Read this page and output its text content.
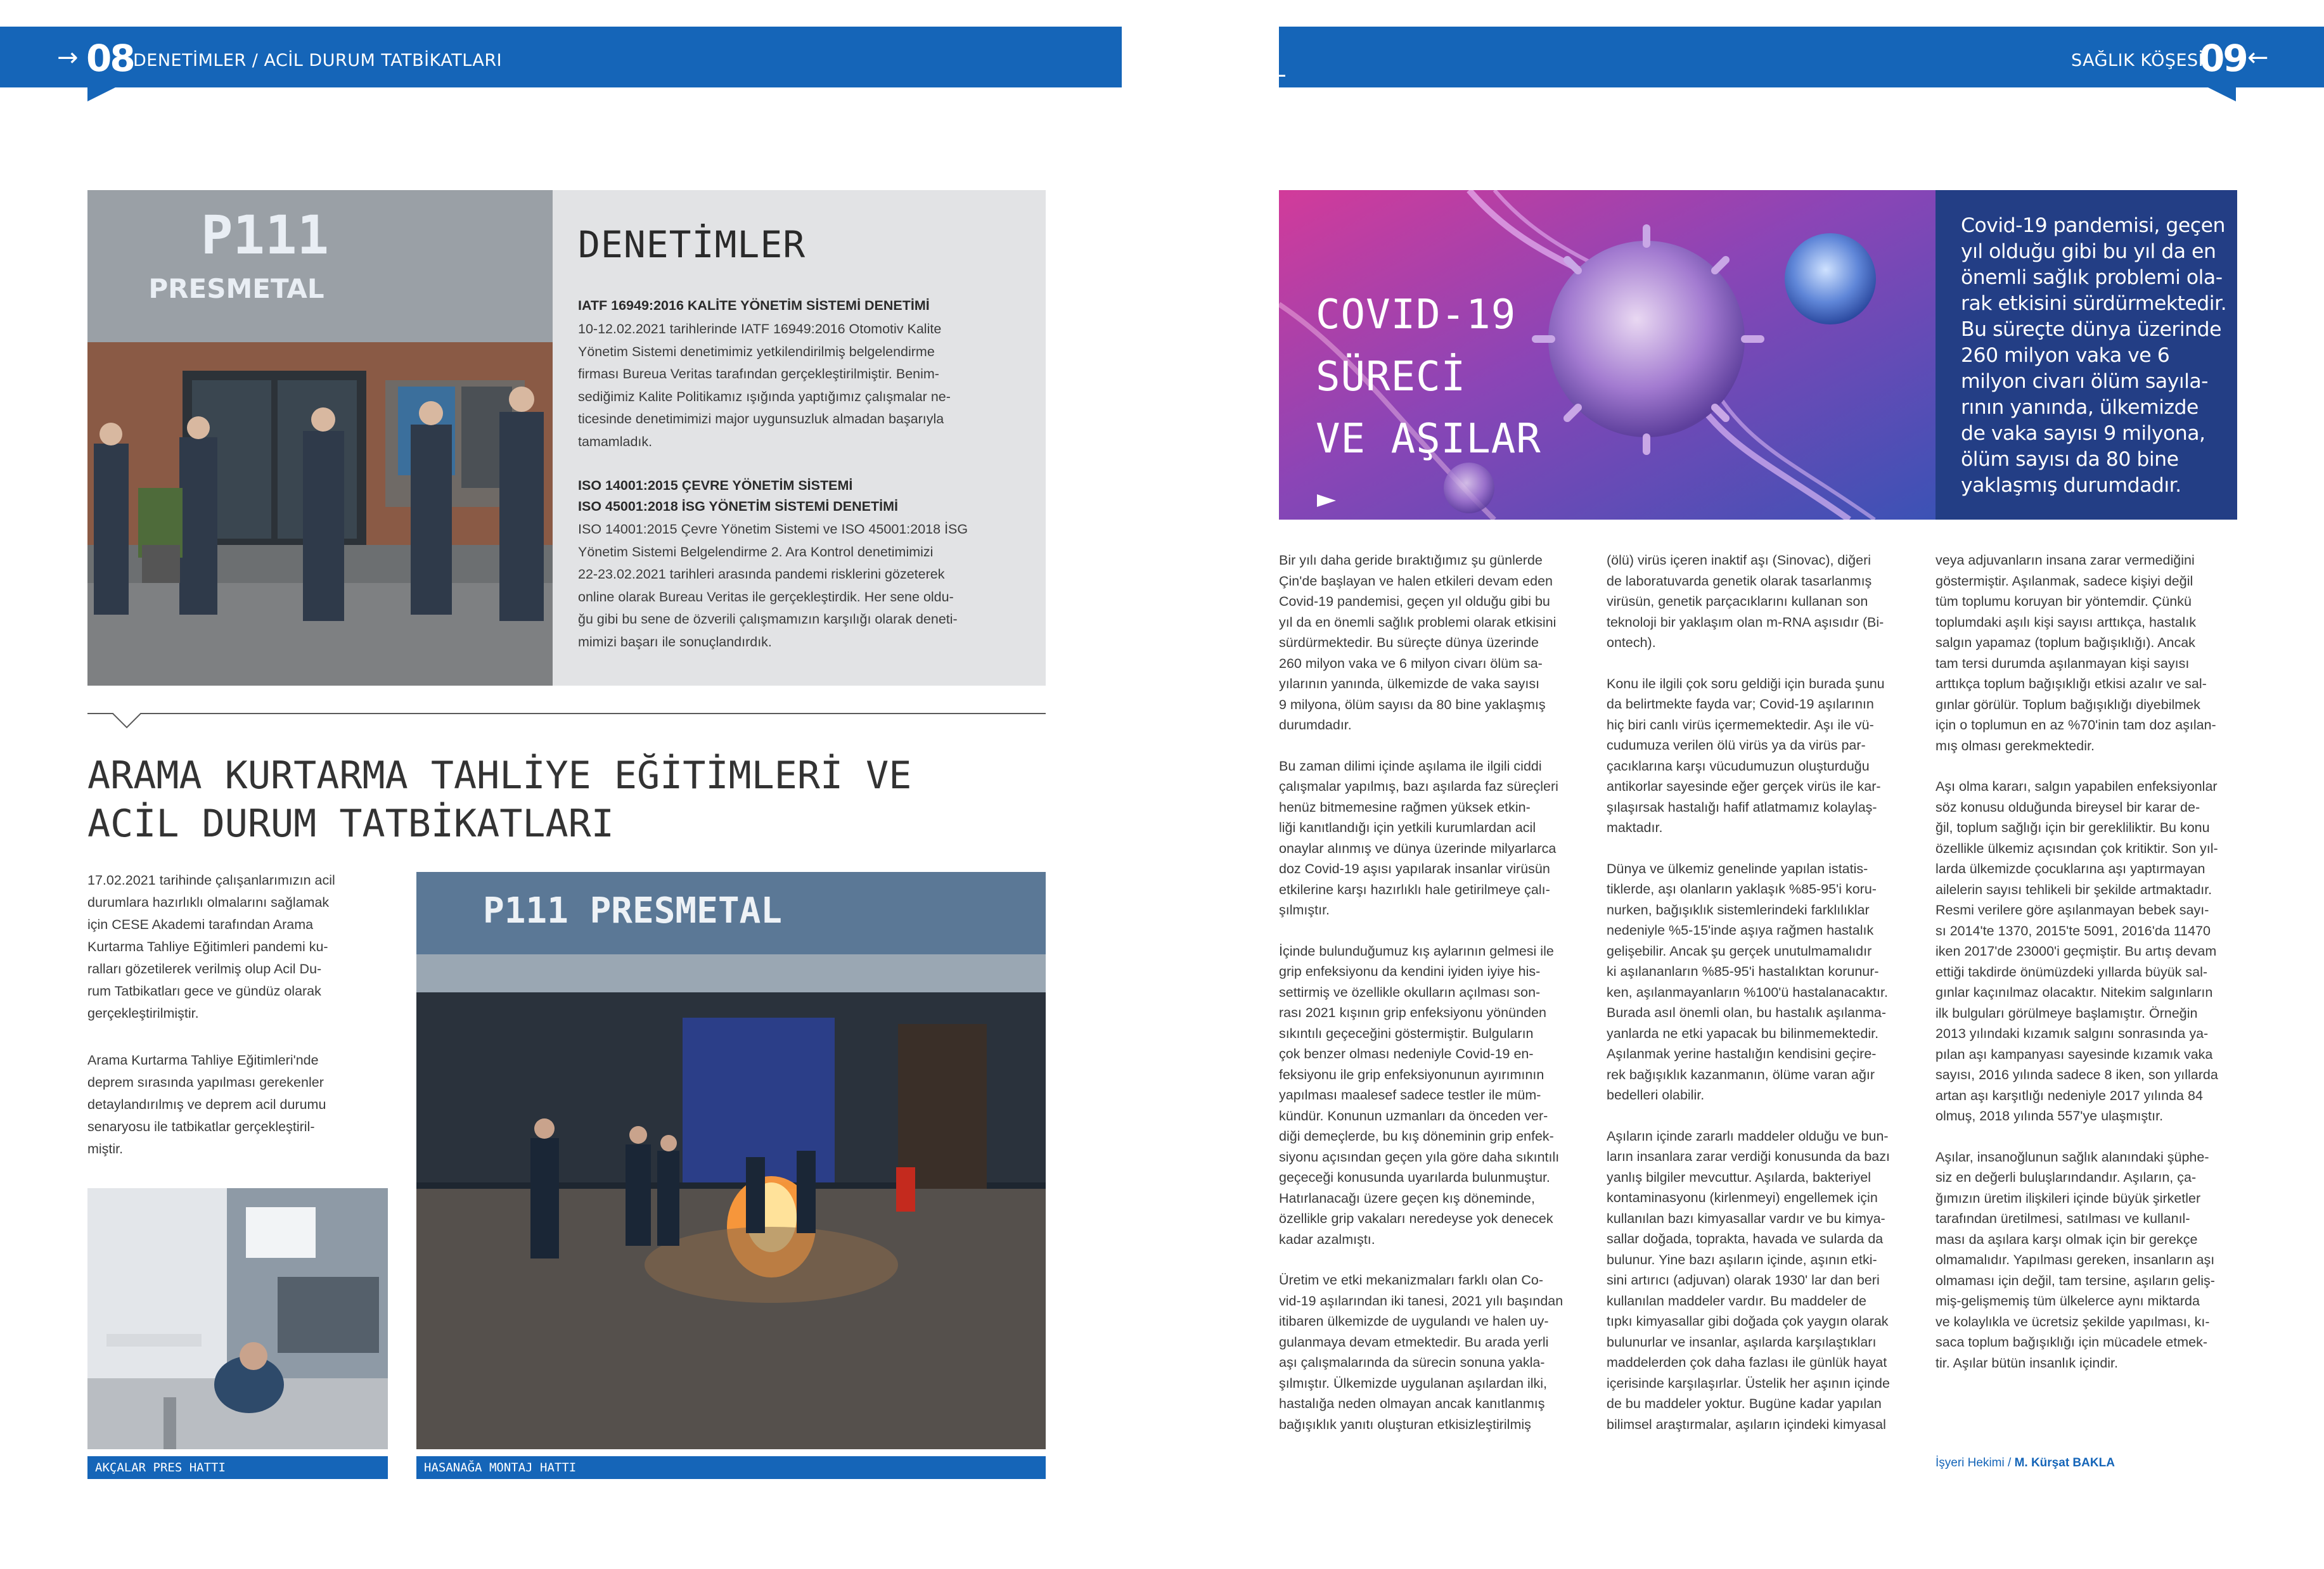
→ 08 DENETİMLER / ACİL DURUM TATBİKATLARI	SAĞLIK KÖŞESİ
09 ←
P111
PRESMETAL
DENETİMLER
IATF 16949:2016 KALİTE YÖNETİM SİSTEMİ DENETİMİ
10-12.02.2021 tarihlerinde IATF 16949:2016 Otomotiv Kalite
Yönetim Sistemi denetimimiz yetkilendirilmiş belgelendirme
firması Bureua Veritas tarafından gerçekleştirilmiştir. Benim-
sediğimiz Kalite Politikamız ışığında yaptığımız çalışmalar ne-
ticesinde denetimimizi major uygunsuzluk almadan başarıyla
tamamladık.
ISO 14001:2015 ÇEVRE YÖNETİM SİSTEMİ
ISO 45001:2018 İSG YÖNETİM SİSTEMİ DENETİMİ
ISO 14001:2015 Çevre Yönetim Sistemi ve ISO 45001:2018 İSG
Yönetim Sistemi Belgelendirme 2. Ara Kontrol denetimimizi
22-23.02.2021 tarihleri arasında pandemi risklerini gözeterek
online olarak Bureau Veritas ile gerçekleştirdik. Her sene oldu-
ğu gibi bu sene de özverili çalışmamızın karşılığı olarak deneti-
mimizi başarı ile sonuçlandırdık.
ARAMA KURTARMA TAHLİYE EĞİTİMLERİ VE
ACİL DURUM TATBİKATLARI
17.02.2021 tarihinde çalışanlarımızın acil
durumlara hazırlıklı olmalarını sağlamak
için CESE Akademi tarafından Arama
Kurtarma Tahliye Eğitimleri pandemi ku-
ralları gözetilerek verilmiş olup Acil Du-
rum Tatbikatları gece ve gündüz olarak
gerçekleştirilmiştir.
Arama Kurtarma Tahliye Eğitimleri'nde
deprem sırasında yapılması gerekenler
detaylandırılmış ve deprem acil durumu
senaryosu ile tatbikatlar gerçekleştiril-
miştir.
AKÇALAR PRES HATTI
P111 PRESMETAL
HASANAĞA MONTAJ HATTI
COVID-19
SÜRECİ
VE AŞILAR
Covid-19 pandemisi, geçen
yıl olduğu gibi bu yıl da en
önemli sağlık problemi ola-
rak etkisini sürdürmektedir.
Bu süreçte dünya üzerinde
260 milyon vaka ve 6
milyon civarı ölüm sayıla-
rının yanında, ülkemizde
de vaka sayısı 9 milyona,
ölüm sayısı da 80 bine
yaklaşmış durumdadır.

Bir yılı daha geride bıraktığımız şu günlerde
Çin'de başlayan ve halen etkileri devam eden
Covid-19 pandemisi, geçen yıl olduğu gibi bu
yıl da en önemli sağlık problemi olarak etkisini
sürdürmektedir. Bu süreçte dünya üzerinde
260 milyon vaka ve 6 milyon civarı ölüm sa-
yılarının yanında, ülkemizde de vaka sayısı
9 milyona, ölüm sayısı da 80 bine yaklaşmış
durumdadır.

Bu zaman dilimi içinde aşılama ile ilgili ciddi
çalışmalar yapılmış, bazı aşılarda faz süreçleri
henüz bitmemesine rağmen yüksek etkin-
liği kanıtlandığı için yetkili kurumlardan acil
onaylar alınmış ve dünya üzerinde milyarlarca
doz Covid-19 aşısı yapılarak insanlar virüsün
etkilerine karşı hazırlıklı hale getirilmeye çalı-
şılmıştır.

İçinde bulunduğumuz kış aylarının gelmesi ile
grip enfeksiyonu da kendini iyiden iyiye his-
settirmiş ve özellikle okulların açılması son-
rası 2021 kışının grip enfeksiyonu yönünden
sıkıntılı geçeceğini göstermiştir. Bulguların
çok benzer olması nedeniyle Covid-19 en-
feksiyonu ile grip enfeksiyonunun ayırımının
yapılması maalesef sadece testler ile müm-
kündür. Konunun uzmanları da önceden ver-
diği demeçlerde, bu kış döneminin grip enfek-
siyonu açısından geçen yıla göre daha sıkıntılı
geçeceği konusunda uyarılarda bulunmuştur.
Hatırlanacağı üzere geçen kış döneminde,
özellikle grip vakaları neredeyse yok denecek
kadar azalmıştı.

Üretim ve etki mekanizmaları farklı olan Co-
vid-19 aşılarından iki tanesi, 2021 yılı başından
itibaren ülkemizde de uygulandı ve halen uy-
gulanmaya devam etmektedir. Bu arada yerli
aşı çalışmalarında da sürecin sonuna yakla-
şılmıştır. Ülkemizde uygulanan aşılardan ilki,
hastalığa neden olmayan ancak kanıtlanmış
bağışıklık yanıtı oluşturan etkisizleştirilmiş

(ölü) virüs içeren inaktif aşı (Sinovac), diğeri
de laboratuvarda genetik olarak tasarlanmış
virüsün, genetik parçacıklarını kullanan son
teknoloji bir yaklaşım olan m-RNA aşısıdır (Bi-
ontech).

Konu ile ilgili çok soru geldiği için burada şunu
da belirtmekte fayda var; Covid-19 aşılarının
hiç biri canlı virüs içermemektedir. Aşı ile vü-
cudumuza verilen ölü virüs ya da virüs par-
çacıklarına karşı vücudumuzun oluşturduğu
antikorlar sayesinde eğer gerçek virüs ile kar-
şılaşırsak hastalığı hafif atlatmamız kolaylaş-
maktadır.

Dünya ve ülkemiz genelinde yapılan istatis-
tiklerde, aşı olanların yaklaşık %85-95'i koru-
nurken, bağışıklık sistemlerindeki farklılıklar
nedeniyle %5-15'inde aşıya rağmen hastalık
gelişebilir. Ancak şu gerçek unutulmamalıdır
ki aşılananların %85-95'i hastalıktan korunur-
ken, aşılanmayanların %100'ü hastalanacaktır.
Burada asıl önemli olan, bu hastalık aşılanma-
yanlarda ne etki yapacak bu bilinmemektedir.
Aşılanmak yerine hastalığın kendisini geçire-
rek bağışıklık kazanmanın, ölüme varan ağır
bedelleri olabilir.

Aşıların içinde zararlı maddeler olduğu ve bun-
ların insanlara zarar verdiği konusunda da bazı
yanlış bilgiler mevcuttur. Aşılarda, bakteriyel
kontaminasyonu (kirlenmeyi) engellemek için
kullanılan bazı kimyasallar vardır ve bu kimya-
sallar doğada, toprakta, havada ve sularda da
bulunur. Yine bazı aşıların içinde, aşının etki-
sini artırıcı (adjuvan) olarak 1930' lar dan beri
kullanılan maddeler vardır. Bu maddeler de
tıpkı kimyasallar gibi doğada çok yaygın olarak
bulunurlar ve insanlar, aşılarda karşılaştıkları
maddelerden çok daha fazlası ile günlük hayat
içerisinde karşılaşırlar. Üstelik her aşının içinde
de bu maddeler yoktur. Bugüne kadar yapılan
bilimsel araştırmalar, aşıların içindeki kimyasal

veya adjuvanların insana zarar vermediğini
göstermiştir. Aşılanmak, sadece kişiyi değil
tüm toplumu koruyan bir yöntemdir. Çünkü
toplumdaki aşılı kişi sayısı arttıkça, hastalık
salgın yapamaz (toplum bağışıklığı). Ancak
tam tersi durumda aşılanmayan kişi sayısı
arttıkça toplum bağışıklığı etkisi azalır ve sal-
gınlar görülür. Toplum bağışıklığı diyebilmek
için o toplumun en az %70'inin tam doz aşılan-
mış olması gerekmektedir.

Aşı olma kararı, salgın yapabilen enfeksiyonlar
söz konusu olduğunda bireysel bir karar de-
ğil, toplum sağlığı için bir gerekliliktir. Bu konu
özellikle ülkemiz açısından çok kritiktir. Son yıl-
larda ülkemizde çocuklarına aşı yaptırmayan
ailelerin sayısı tehlikeli bir şekilde artmaktadır.
Resmi verilere göre aşılanmayan bebek sayı-
sı 2014'te 1370, 2015'te 5091, 2016'da 11470
iken 2017'de 23000'i geçmiştir. Bu artış devam
ettiği takdirde önümüzdeki yıllarda büyük sal-
gınlar kaçınılmaz olacaktır. Nitekim salgınların
ilk bulguları görülmeye başlamıştır. Örneğin
2013 yılındaki kızamık salgını sonrasında ya-
pılan aşı kampanyası sayesinde kızamık vaka
sayısı, 2016 yılında sadece 8 iken, son yıllarda
artan aşı karşıtlığı nedeniyle 2017 yılında 84
olmuş, 2018 yılında 557'ye ulaşmıştır.

Aşılar, insanoğlunun sağlık alanındaki şüphe-
siz en değerli buluşlarındandır. Aşıların, ça-
ğımızın üretim ilişkileri içinde büyük şirketler
tarafından üretilmesi, satılması ve kullanıl-
ması da aşılara karşı olmak için bir gerekçe
olmamalıdır. Yapılması gereken, insanların aşı
olmaması için değil, tam tersine, aşıların geliş-
miş-gelişmemiş tüm ülkelerce aynı miktarda
ve kolaylıkla ve ücretsiz şekilde yapılması, kı-
saca toplum bağışıklığı için mücadele etmek-
tir. Aşılar bütün insanlık içindir.

İşyeri Hekimi / M. Kürşat BAKLA
